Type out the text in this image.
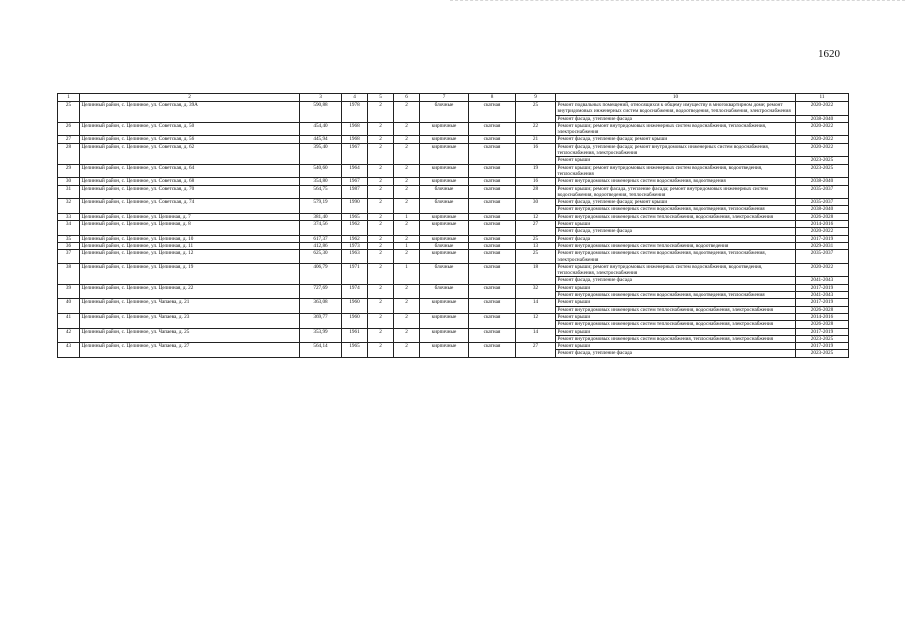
1620
1	2	3	4	5	6	7	8	9	10	11
25	Целинный район, с. Целинное, ул. Советская, д. 39А	590,88	1978	2	2	блочные	скатная	25	Ремонт подвальных помещений, относящихся к общему имуществу в многоквартирном доме; ремонт внутридомовых инженерных систем водоснабжения, водоотведения, теплоснабжения, электроснабжения	2020-2022
									Ремонт фасада, утепление фасада	2038-2040
26	Целинный район, с. Целинное, ул. Советская, д. 50	454,40	1968	2	2	кирпичные	скатная	22	Ремонт крыши; ремонт внутридомовых инженерных систем водоснабжения, теплоснабжения, электроснабжения	2020-2022
27	Целинный район, с. Целинное, ул. Советская, д. 56	445,94	1968	2	2	кирпичные	скатная	21	Ремонт фасада, утепление фасада; ремонт крыши	2020-2022
28	Целинный район, с. Целинное, ул. Советская, д. 62	395,40	1967	2	2	кирпичные	скатная	16	Ремонт фасада, утепление фасада; ремонт внутридомовых инженерных систем водоснабжения, теплоснабжения, электроснабжения	2020-2022
									Ремонт крыши	2023-2025
29	Целинный район, с. Целинное, ул. Советская, д. 64	540,60	1964	2	2	кирпичные	скатная	19	Ремонт крыши; ремонт внутридомовых инженерных систем водоснабжения, водоотведения, теплоснабжения	2023-2025
30	Целинный район, с. Целинное, ул. Советская, д. 68	354,80	1967	2	2	кирпичные	скатная	16	Ремонт внутридомовых инженерных систем водоснабжения, водоотведения	2038-2040
31	Целинный район, с. Целинное, ул. Советская, д. 70	564,75	1987	2	2	блочные	скатная	28	Ремонт крыши; ремонт фасада, утепление фасада; ремонт внутридомовых инженерных систем водоснабжения, водоотведения, теплоснабжения	2035-2037
32	Целинный район, с. Целинное, ул. Советская, д. 74	579,19	1990	2	2	блочные	скатная	30	Ремонт фасада, утепление фасада; ремонт крыши	2035-2037
									Ремонт внутридомовых инженерных систем водоснабжения, водоотведения, теплоснабжения	2038-2040
33	Целинный район, с. Целинное, ул. Целинная, д. 7	381,40	1965	2	1	кирпичные	скатная	12	Ремонт внутридомовых инженерных систем теплоснабжения, водоснабжения, электроснабжения	2026-2028
34	Целинный район, с. Целинное, ул. Целинная, д. 8	374,56	1962	2	2	кирпичные	скатная	27	Ремонт крыши	2014-2016
									Ремонт фасада, утепление фасада	2020-2022
35	Целинный район, с. Целинное, ул. Целинная, д. 10	617,37	1962	2	2	кирпичные	скатная	25	Ремонт фасада	2017-2019
36	Целинный район, с. Целинное, ул. Целинная, д. 11	412,86	1973	2	1	блочные	скатная	13	Ремонт внутридомовых инженерных систем теплоснабжения, водоотведения	2029-2031
37	Целинный район, с. Целинное, ул. Целинная, д. 12	625,30	1963	2	2	кирпичные	скатная	25	Ремонт внутридомовых инженерных систем водоснабжения, водоотведения, теплоснабжения, электроснабжения	2035-2037
38	Целинный район, с. Целинное, ул. Целинная, д. 19	406,79	1971	2	1	блочные	скатная	18	Ремонт крыши; ремонт внутридомовых инженерных систем водоснабжения, водоотведения, теплоснабжения, электроснабжения	2020-2022
									Ремонт фасада, утепление фасада	2041-2043
39	Целинный район, с. Целинное, ул. Целинная, д. 22	727,69	1974	2	2	блочные	скатная	32	Ремонт крыши	2017-2019
									Ремонт внутридомовых инженерных систем водоснабжения, водоотведения, теплоснабжения	2041-2043
40	Целинный район, с. Целинное, ул. Чапаева, д. 21	363,08	1960	2	2	кирпичные	скатная	14	Ремонт крыши	2017-2019
									Ремонт внутридомовых инженерных систем теплоснабжения, водоснабжения, электроснабжения	2026-2028
41	Целинный район, с. Целинное, ул. Чапаева, д. 23	369,77	1960	2	2	кирпичные	скатная	12	Ремонт крыши	2014-2016
									Ремонт внутридомовых инженерных систем теплоснабжения, водоснабжения, электроснабжения	2026-2028
42	Целинный район, с. Целинное, ул. Чапаева, д. 25	353,99	1961	2	2	кирпичные	скатная	14	Ремонт крыши	2017-2019
									Ремонт внутридомовых инженерных систем водоснабжения, теплоснабжения, электроснабжения	2023-2025
43	Целинный район, с. Целинное, ул. Чапаева, д. 27	564,14	1965	2	2	кирпичные	скатная	27	Ремонт крыши	2017-2019
									Ремонт фасада, утепление фасада	2023-2025
